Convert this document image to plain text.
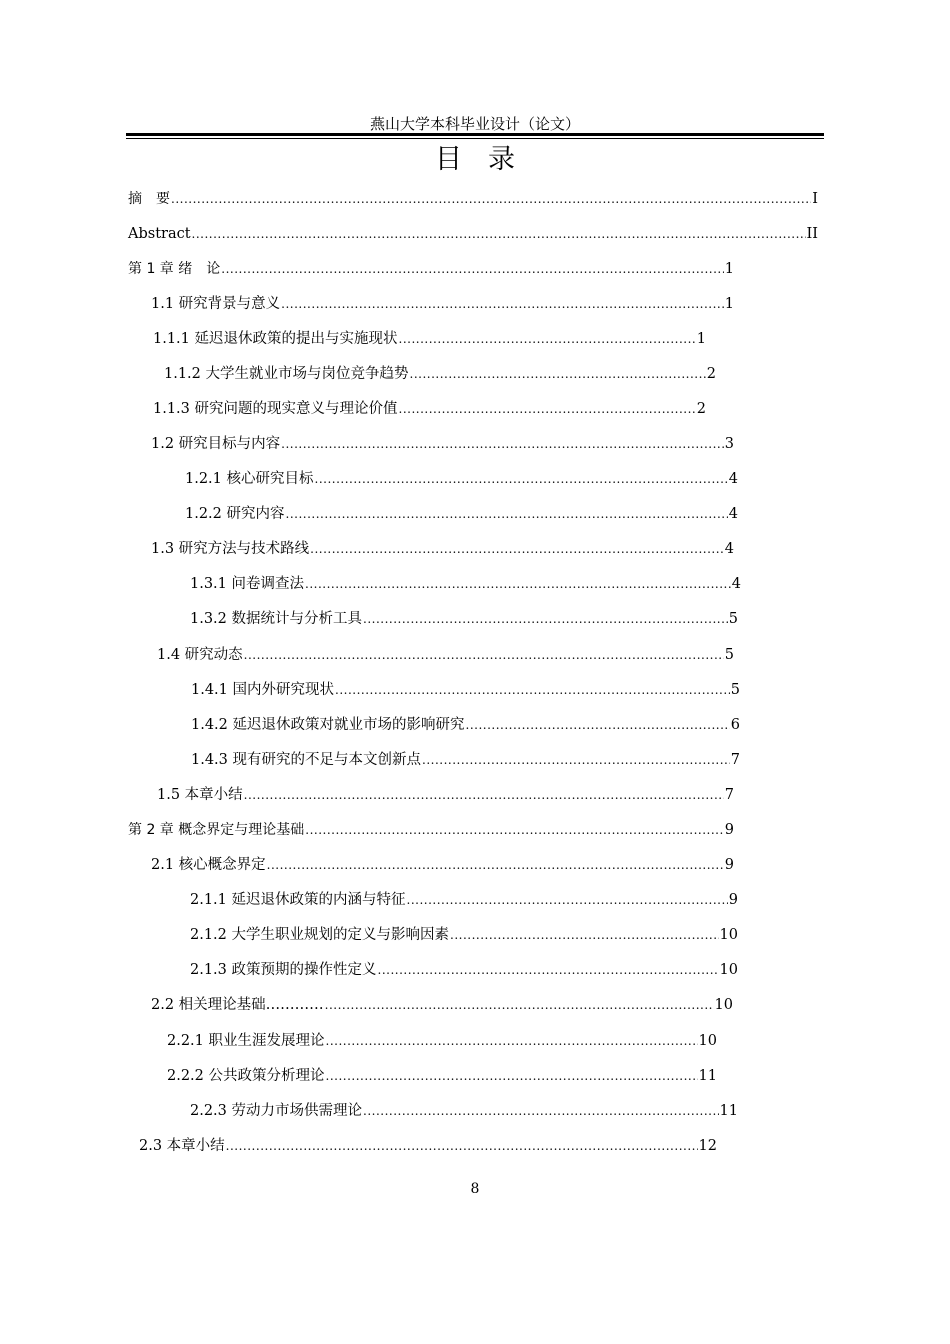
燕山大学本科毕业设计（论文）
目录
摘　要 .....	I
Abstract .....	II
第 1 章 绪　论 .....	1
1.1 研究背景与意义 .....	1
1.1.1 延迟退休政策的提出与实施现状 .....	1
1.1.2 大学生就业市场与岗位竞争趋势 .....	2
1.1.3 研究问题的现实意义与理论价值 .....	2
1.2 研究目标与内容 .....	3
1.2.1 核心研究目标 .....	4
1.2.2 研究内容 .....	4
1.3 研究方法与技术路线 .....	4
1.3.1 问卷调查法 .....	4
1.3.2 数据统计与分析工具 .....	5
1.4 研究动态 .....	5
1.4.1 国内外研究现状 .....	5
1.4.2 延迟退休政策对就业市场的影响研究 .....	6
1.4.3 现有研究的不足与本文创新点 .....	7
1.5 本章小结 .....	7
第 2 章 概念界定与理论基础 .....	9
2.1 核心概念界定 .....	9
2.1.1 延迟退休政策的内涵与特征 .....	9
2.1.2 大学生职业规划的定义与影响因素 .....	10
2.1.3 政策预期的操作性定义 .....	10
2.2 相关理论基础………… .....	10
2.2.1 职业生涯发展理论 .....	10
2.2.2 公共政策分析理论 .....	11
2.2.3 劳动力市场供需理论 .....	11
2.3 本章小结 .....	12
8
